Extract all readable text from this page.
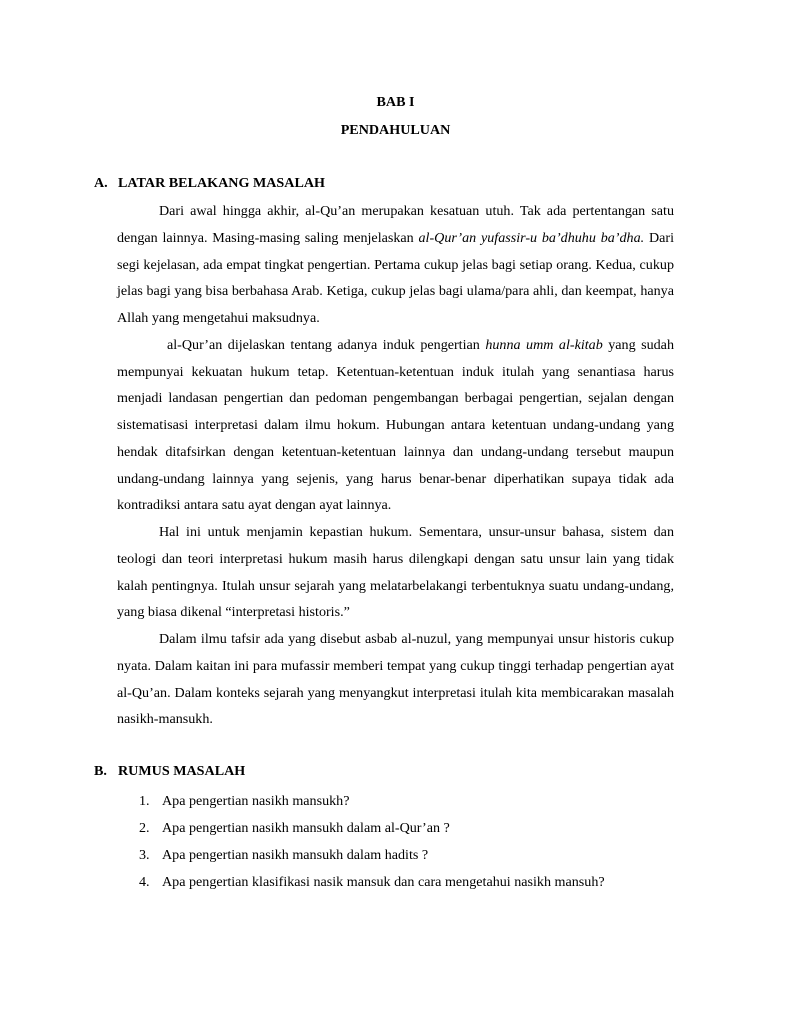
BAB I
PENDAHULUAN
A. LATAR BELAKANG MASALAH

Dari awal hingga akhir, al-Qu’an merupakan kesatuan utuh. Tak ada pertentangan satu dengan lainnya. Masing-masing saling menjelaskan al-Qur’an yufassir-u ba’dhuhu ba’dha. Dari segi kejelasan, ada empat tingkat pengertian. Pertama cukup jelas bagi setiap orang. Kedua, cukup jelas bagi yang bisa berbahasa Arab. Ketiga, cukup jelas bagi ulama/para ahli, dan keempat, hanya Allah yang mengetahui maksudnya.

al-Qur’an dijelaskan tentang adanya induk pengertian hunna umm al-kitab yang sudah mempunyai kekuatan hukum tetap. Ketentuan-ketentuan induk itulah yang senantiasa harus menjadi landasan pengertian dan pedoman pengembangan berbagai pengertian, sejalan dengan sistematisasi interpretasi dalam ilmu hokum. Hubungan antara ketentuan undang-undang yang hendak ditafsirkan dengan ketentuan-ketentuan lainnya dan undang-undang tersebut maupun undang-undang lainnya yang sejenis, yang harus benar-benar diperhatikan supaya tidak ada kontradiksi antara satu ayat dengan ayat lainnya.

Hal ini untuk menjamin kepastian hukum. Sementara, unsur-unsur bahasa, sistem dan teologi dan teori interpretasi hukum masih harus dilengkapi dengan satu unsur lain yang tidak kalah pentingnya. Itulah unsur sejarah yang melatarbelakangi terbentuknya suatu undang-undang, yang biasa dikenal “interpretasi historis.”

Dalam ilmu tafsir ada yang disebut asbab al-nuzul, yang mempunyai unsur historis cukup nyata. Dalam kaitan ini para mufassir memberi tempat yang cukup tinggi terhadap pengertian ayat al-Qu’an. Dalam konteks sejarah yang menyangkut interpretasi itulah kita membicarakan masalah nasikh-mansukh.

B. RUMUS MASALAH
1. Apa pengertian nasikh mansukh?
2. Apa pengertian nasikh mansukh dalam al-Qur’an ?
3. Apa pengertian nasikh mansukh dalam hadits ?
4. Apa pengertian klasifikasi nasik mansuk dan cara mengetahui nasikh mansuh?
